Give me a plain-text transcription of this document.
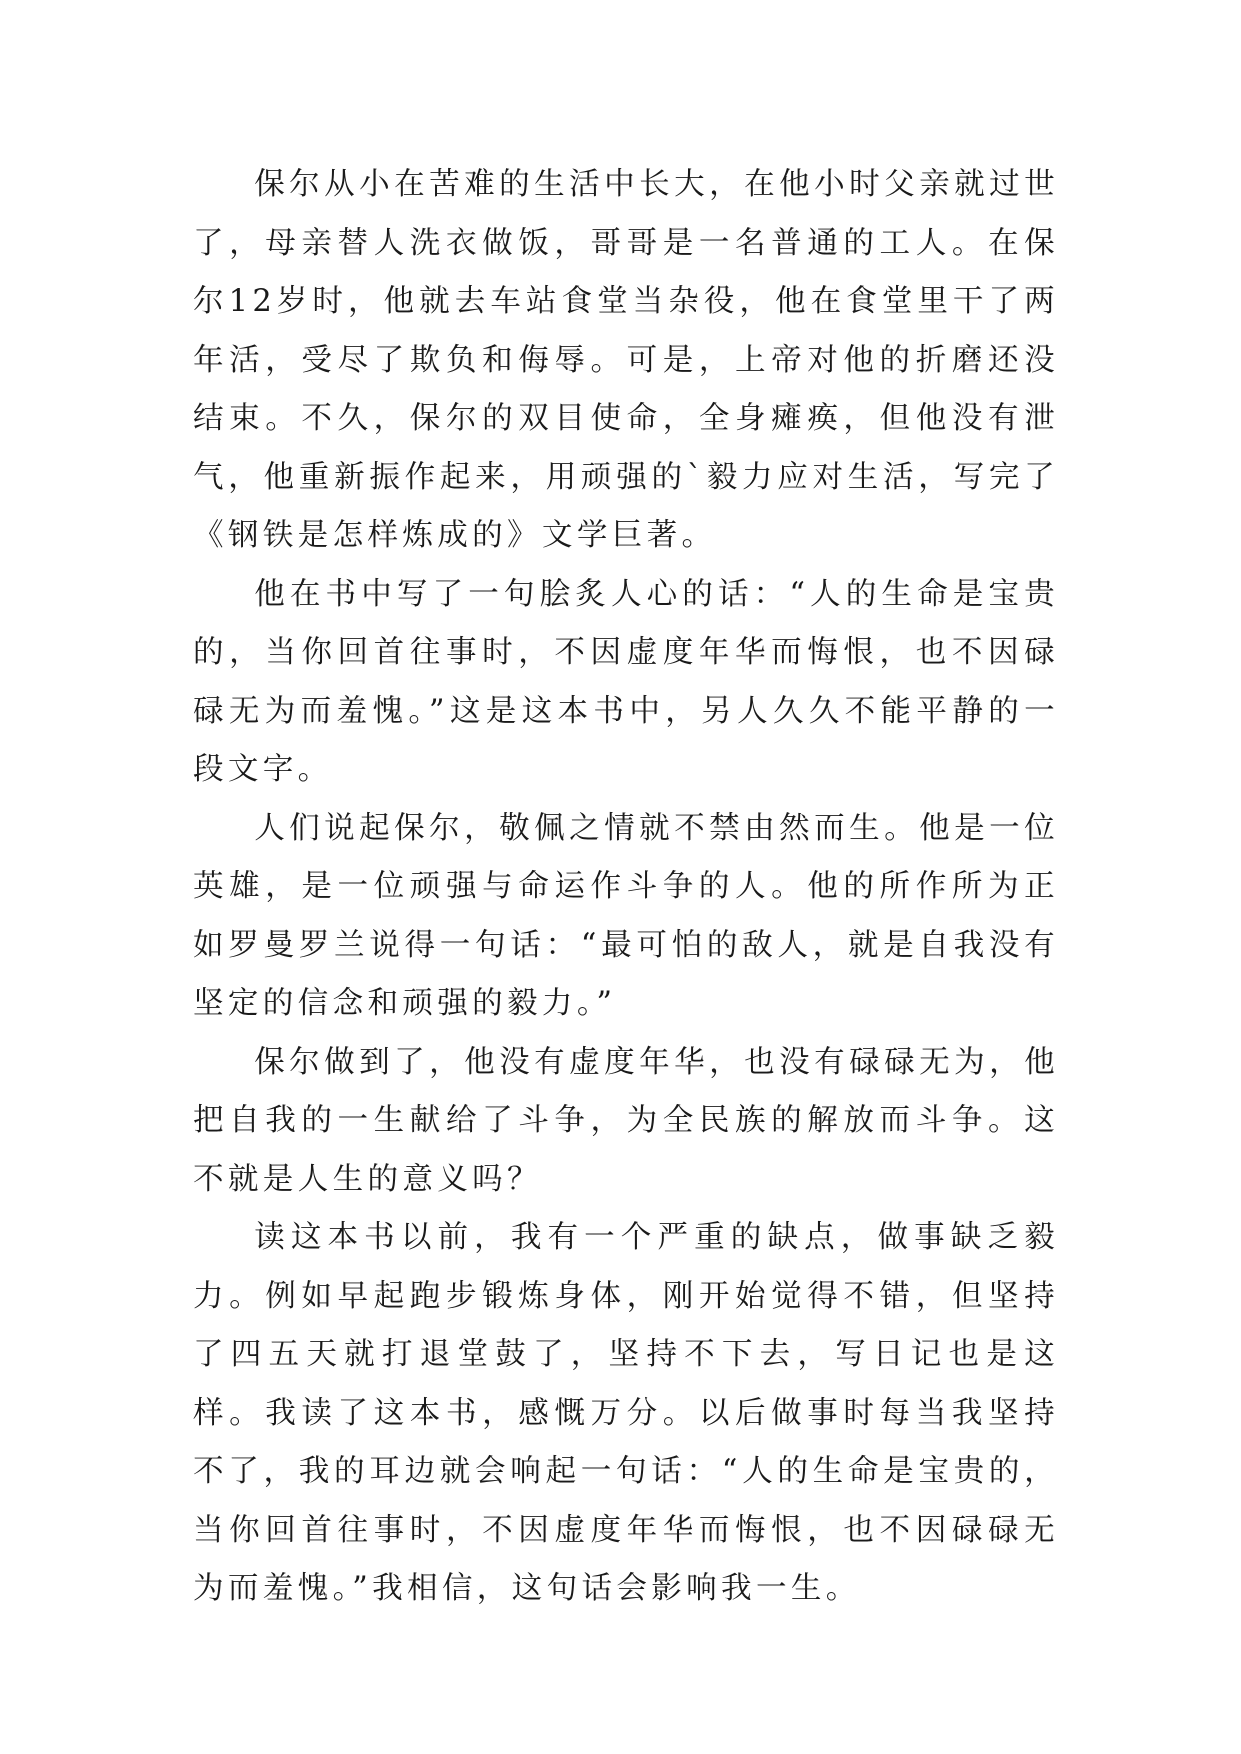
保尔从小在苦难的生活中长大，在他小时父亲就过世了，母亲替人洗衣做饭，哥哥是一名普通的工人。在保尔12岁时，他就去车站食堂当杂役，他在食堂里干了两年活，受尽了欺负和侮辱。可是，上帝对他的折磨还没结束。不久，保尔的双目使命，全身瘫痪，但他没有泄气，他重新振作起来，用顽强的`毅力应对生活，写完了《钢铁是怎样炼成的》文学巨著。

他在书中写了一句脍炙人心的话：“人的生命是宝贵的，当你回首往事时，不因虚度年华而悔恨，也不因碌碌无为而羞愧。”这是这本书中，另人久久不能平静的一段文字。

人们说起保尔，敬佩之情就不禁由然而生。他是一位英雄，是一位顽强与命运作斗争的人。他的所作所为正如罗曼罗兰说得一句话：“最可怕的敌人，就是自我没有坚定的信念和顽强的毅力。”

保尔做到了，他没有虚度年华，也没有碌碌无为，他把自我的一生献给了斗争，为全民族的解放而斗争。这不就是人生的意义吗？

读这本书以前，我有一个严重的缺点，做事缺乏毅力。例如早起跑步锻炼身体，刚开始觉得不错，但坚持了四五天就打退堂鼓了，坚持不下去，写日记也是这样。我读了这本书，感慨万分。以后做事时每当我坚持不了，我的耳边就会响起一句话：“人的生命是宝贵的，当你回首往事时，不因虚度年华而悔恨，也不因碌碌无为而羞愧。”我相信，这句话会影响我一生。
